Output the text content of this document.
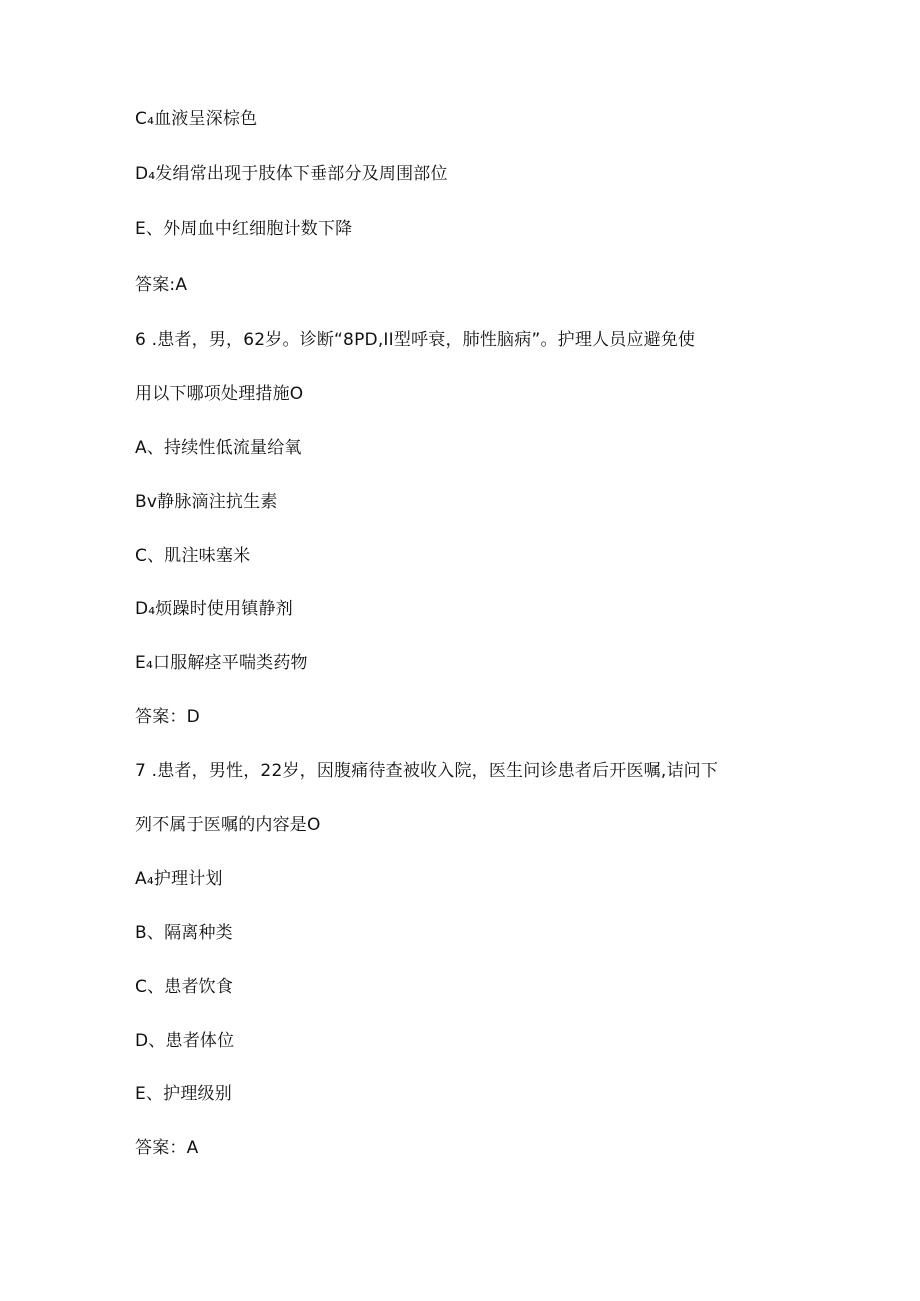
C₄血液呈深棕色
D₄发绢常出现于肢体下垂部分及周围部位
E、外周血中红细胞计数下降
答案:A
6 .患者，男，62岁。诊断“8PD,II型呼衰，肺性脑病”。护理人员应避免使
用以下哪项处理措施O
A、持续性低流量给氧
Bv静脉滴注抗生素
C、肌注味塞米
D₄烦躁时使用镇静剂
E₄口服解痉平喘类药物
答案：D
7 .患者，男性，22岁，因腹痛待查被收入院，医生问诊患者后开医嘱,诘问下
列不属于医嘱的内容是O
A₄护理计划
B、隔离种类
C、患者饮食
D、患者体位
E、护理级别
答案：A
